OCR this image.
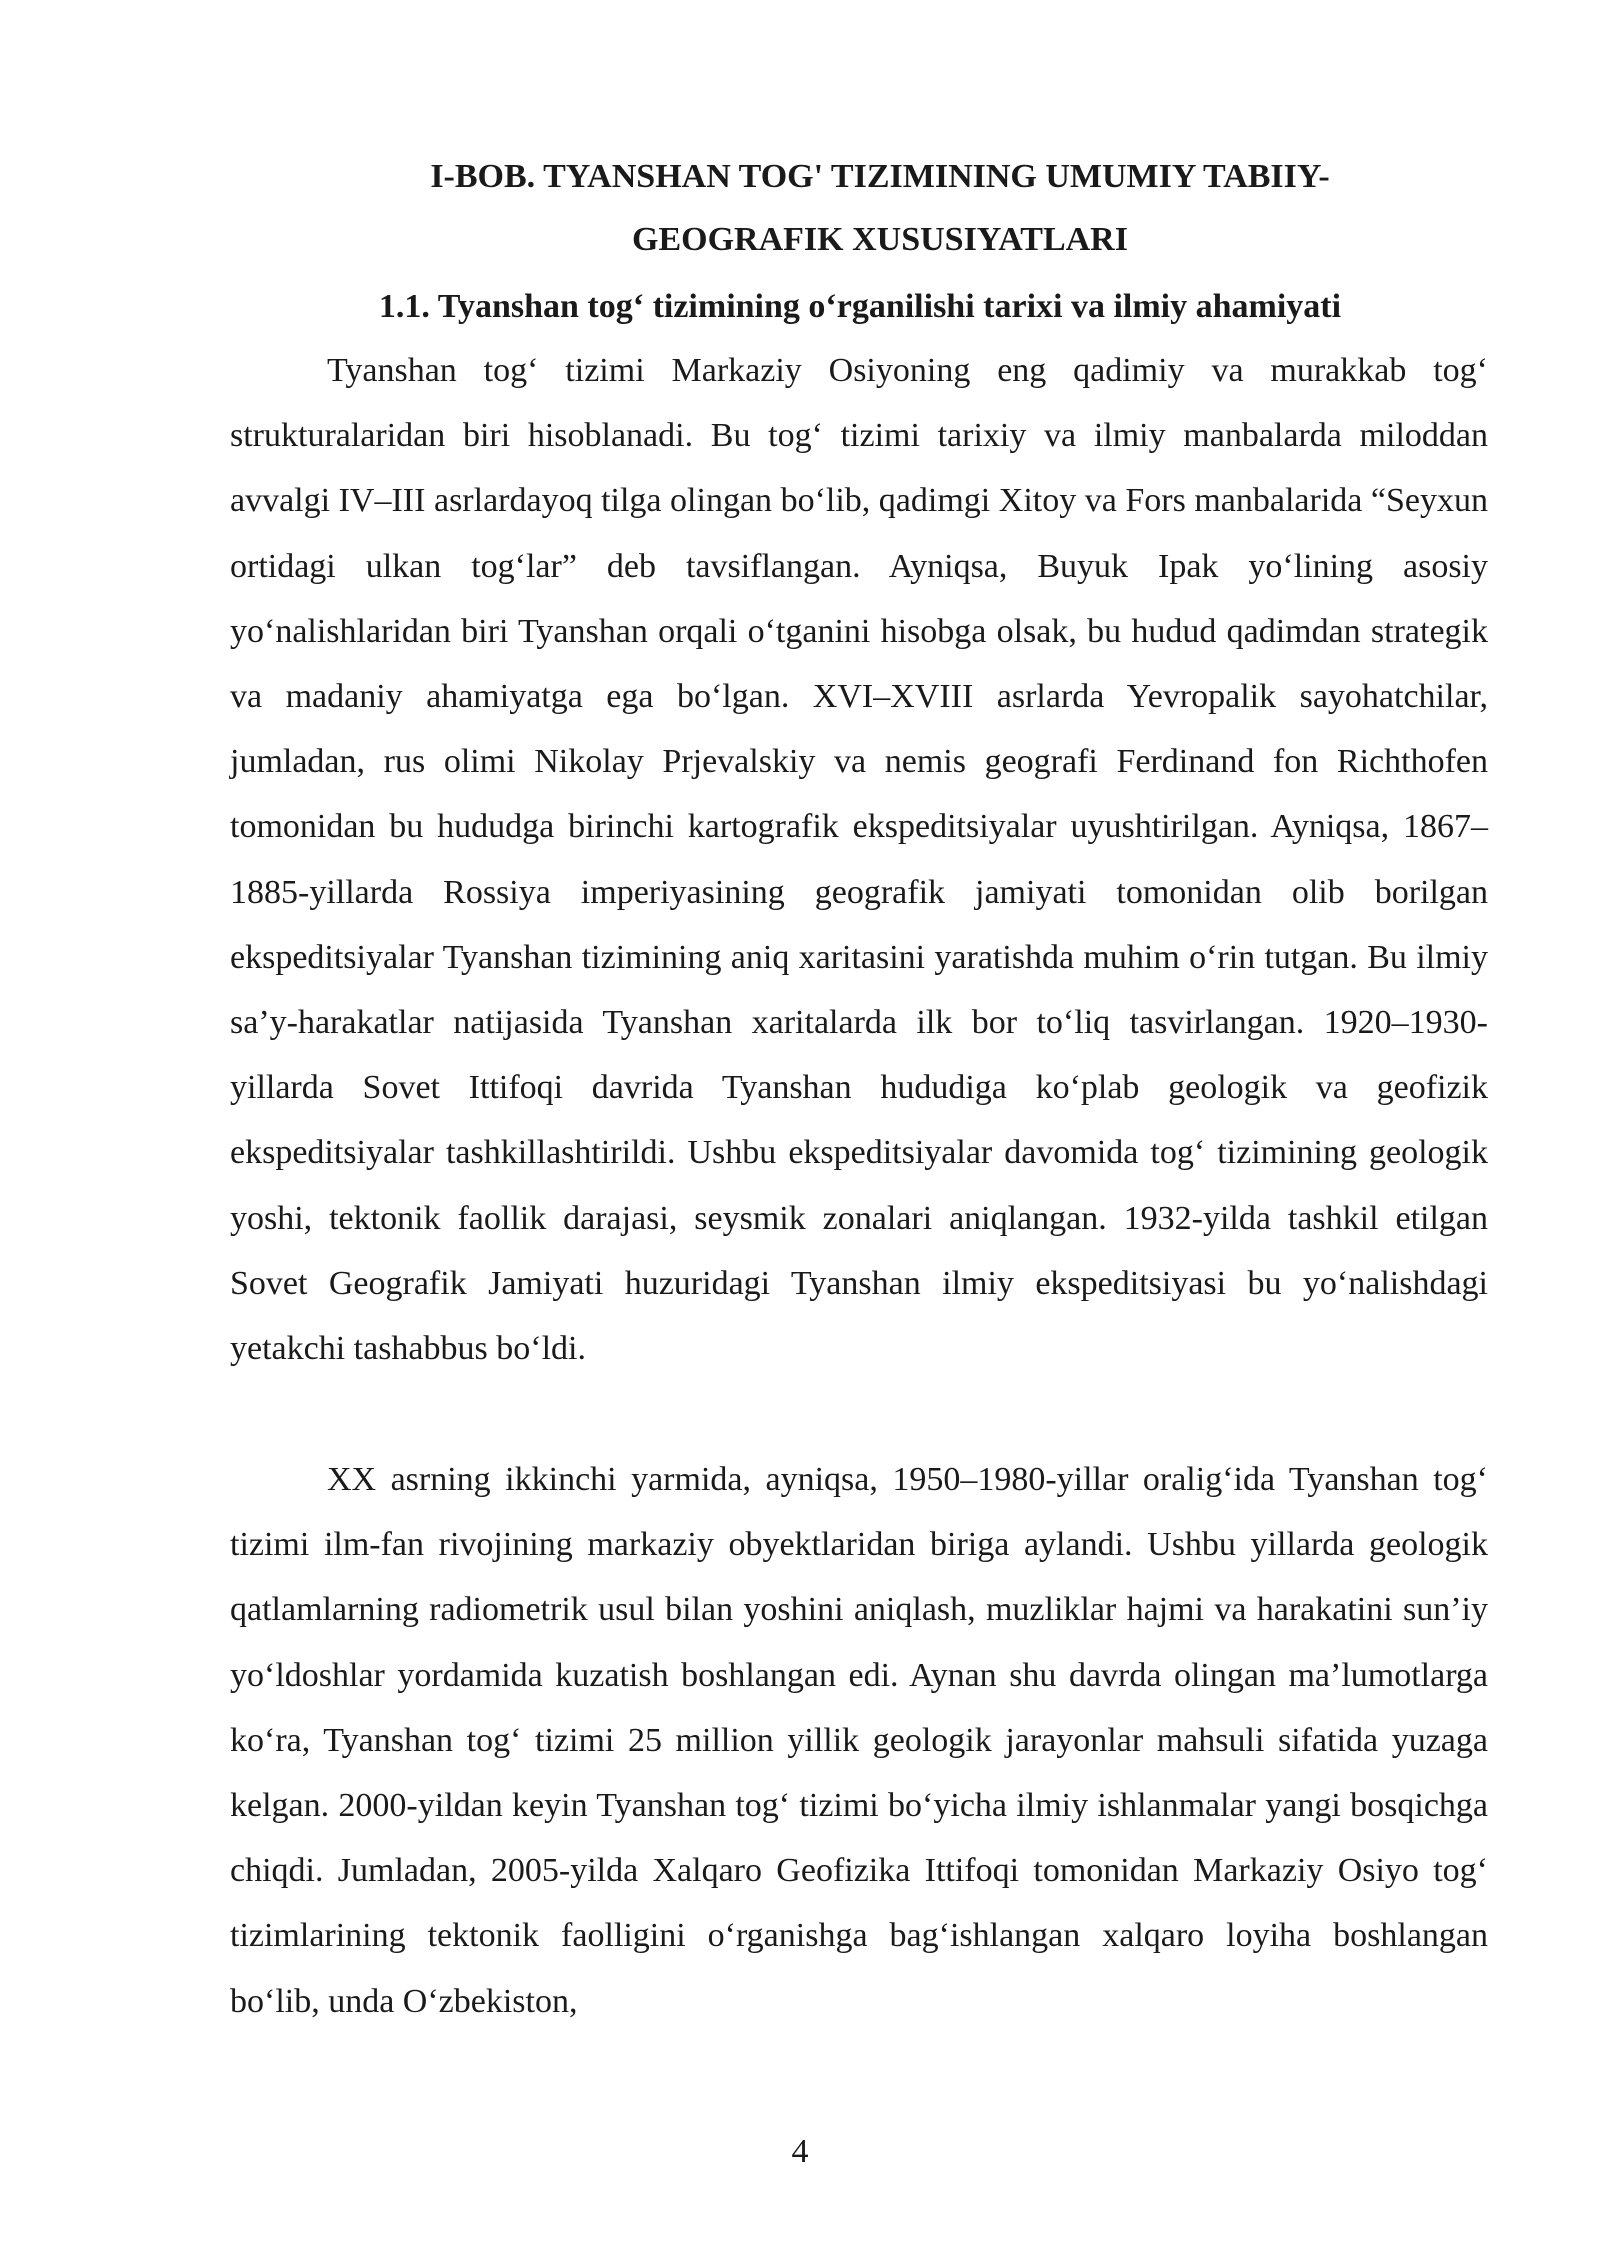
I-BOB. TYANSHAN TOG' TIZIMINING UMUMIY TABIIY-
GEOGRAFIK XUSUSIYATLARI
1.1. Tyanshan tog‘ tizimining o‘rganilishi tarixi va ilmiy ahamiyati

Tyanshan tog‘ tizimi Markaziy Osiyoning eng qadimiy va murakkab tog‘ strukturalaridan biri hisoblanadi. Bu tog‘ tizimi tarixiy va ilmiy manbalarda miloddan avvalgi IV–III asrlardayoq tilga olingan bo‘lib, qadimgi Xitoy va Fors manbalarida “Seyxun ortidagi ulkan tog‘lar” deb tavsiflangan. Ayniqsa, Buyuk Ipak yo‘lining asosiy yo‘nalishlaridan biri Tyanshan orqali o‘tganini hisobga olsak, bu hudud qadimdan strategik va madaniy ahamiyatga ega bo‘lgan. XVI–XVIII asrlarda Yevropalik sayohatchilar, jumladan, rus olimi Nikolay Prjevalskiy va nemis geografi Ferdinand fon Richthofen tomonidan bu hududga birinchi kartografik ekspeditsiyalar uyushtirilgan. Ayniqsa, 1867–1885-yillarda Rossiya imperiyasining geografik jamiyati tomonidan olib borilgan ekspeditsiyalar Tyanshan tizimining aniq xaritasini yaratishda muhim o‘rin tutgan. Bu ilmiy sa’y-harakatlar natijasida Tyanshan xaritalarda ilk bor to‘liq tasvirlangan. 1920–1930-yillarda Sovet Ittifoqi davrida Tyanshan hududiga ko‘plab geologik va geofizik ekspeditsiyalar tashkillashtirildi. Ushbu ekspeditsiyalar davomida tog‘ tizimining geologik yoshi, tektonik faollik darajasi, seysmik zonalari aniqlangan. 1932-yilda tashkil etilgan Sovet Geografik Jamiyati huzuridagi Tyanshan ilmiy ekspeditsiyasi bu yo‘nalishdagi yetakchi tashabbus bo‘ldi.

XX asrning ikkinchi yarmida, ayniqsa, 1950–1980-yillar oralig‘ida Tyanshan tog‘ tizimi ilm-fan rivojining markaziy obyektlaridan biriga aylandi. Ushbu yillarda geologik qatlamlarning radiometrik usul bilan yoshini aniqlash, muzliklar hajmi va harakatini sun’iy yo‘ldoshlar yordamida kuzatish boshlangan edi. Aynan shu davrda olingan ma’lumotlarga ko‘ra, Tyanshan tog‘ tizimi 25 million yillik geologik jarayonlar mahsuli sifatida yuzaga kelgan. 2000-yildan keyin Tyanshan tog‘ tizimi bo‘yicha ilmiy ishlanmalar yangi bosqichga chiqdi. Jumladan, 2005-yilda Xalqaro Geofizika Ittifoqi tomonidan Markaziy Osiyo tog‘ tizimlarining tektonik faolligini o‘rganishga bag‘ishlangan xalqaro loyiha boshlangan bo‘lib, unda O‘zbekiston,

4
